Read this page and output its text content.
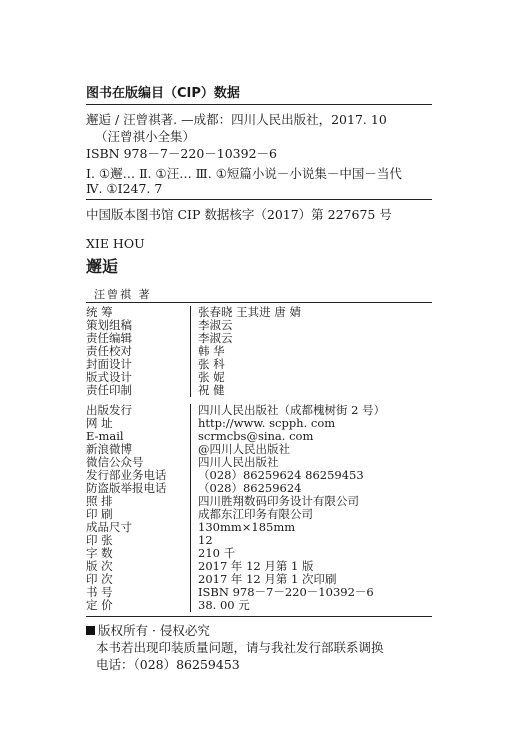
图书在版编目（CIP）数据
邂逅 / 汪曾祺著. —成都：四川人民出版社，2017. 10
（汪曾祺小全集）
ISBN 978－7－220－10392－6
Ⅰ. ①邂… Ⅱ. ①汪… Ⅲ. ①短篇小说－小说集－中国－当代
Ⅳ. ①I247. 7
中国版本图书馆 CIP 数据核字（2017）第 227675 号
XIE HOU
邂逅
汪曾祺 著
统 筹	张春晓 王其进 唐 婧
策划组稿	李淑云
责任编辑	李淑云
责任校对	韩 华
封面设计	张 科
版式设计	张 妮
责任印制	祝 健
出版发行	四川人民出版社（成都槐树街 2 号）
网 址	http://www. scpph. com
E-mail	scrmcbs@sina. com
新浪微博	@四川人民出版社
微信公众号	四川人民出版社
发行部业务电话	（028）86259624 86259453
防盗版举报电话	（028）86259624
照 排	四川胜翔数码印务设计有限公司
印 刷	成都东江印务有限公司
成品尺寸	130mm×185mm
印 张	12
字 数	210 千
版 次	2017 年 12 月第 1 版
印 次	2017 年 12 月第 1 次印刷
书 号	ISBN 978－7－220－10392－6
定 价	38. 00 元
版权所有 · 侵权必究
本书若出现印装质量问题，请与我社发行部联系调换
电话：（028）86259453
